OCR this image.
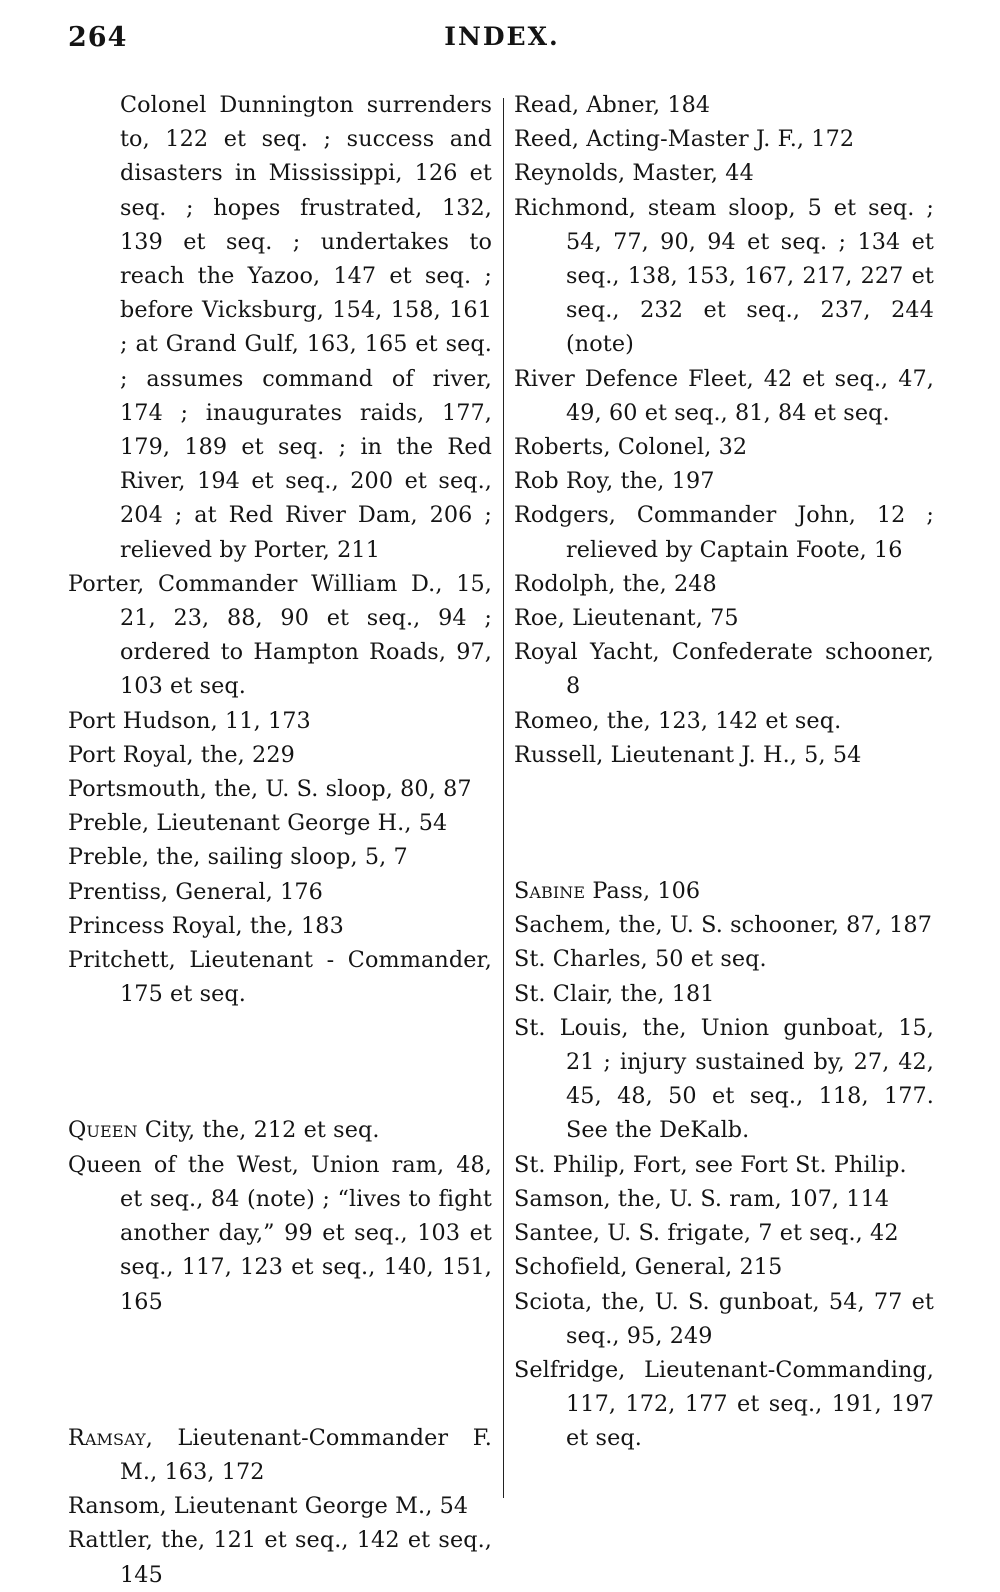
264	INDEX.
Colonel Dunnington surrenders to, 122 et seq. ; success and disasters in Mississippi, 126 et seq. ; hopes frustrated, 132, 139 et seq. ; undertakes to reach the Yazoo, 147 et seq. ; before Vicksburg, 154, 158, 161 ; at Grand Gulf, 163, 165 et seq. ; assumes command of river, 174 ; inaugurates raids, 177, 179, 189 et seq. ; in the Red River, 194 et seq., 200 et seq., 204 ; at Red River Dam, 206 ; relieved by Porter, 211
Porter, Commander William D., 15, 21, 23, 88, 90 et seq., 94 ; ordered to Hampton Roads, 97, 103 et seq.
Port Hudson, 11, 173
Port Royal, the, 229
Portsmouth, the, U. S. sloop, 80, 87
Preble, Lieutenant George H., 54
Preble, the, sailing sloop, 5, 7
Prentiss, General, 176
Princess Royal, the, 183
Pritchett, Lieutenant - Commander, 175 et seq.
Queen City, the, 212 et seq.
Queen of the West, Union ram, 48, et seq., 84 (note) ; “lives to fight another day,” 99 et seq., 103 et seq., 117, 123 et seq., 140, 151, 165
Ramsay, Lieutenant-Commander F. M., 163, 172
Ransom, Lieutenant George M., 54
Rattler, the, 121 et seq., 142 et seq., 145
Read, Abner, 184
Reed, Acting-Master J. F., 172
Reynolds, Master, 44
Richmond, steam sloop, 5 et seq. ; 54, 77, 90, 94 et seq. ; 134 et seq., 138, 153, 167, 217, 227 et seq., 232 et seq., 237, 244 (note)
River Defence Fleet, 42 et seq., 47, 49, 60 et seq., 81, 84 et seq.
Roberts, Colonel, 32
Rob Roy, the, 197
Rodgers, Commander John, 12 ; relieved by Captain Foote, 16
Rodolph, the, 248
Roe, Lieutenant, 75
Royal Yacht, Confederate schooner, 8
Romeo, the, 123, 142 et seq.
Russell, Lieutenant J. H., 5, 54
Sabine Pass, 106
Sachem, the, U. S. schooner, 87, 187
St. Charles, 50 et seq.
St. Clair, the, 181
St. Louis, the, Union gunboat, 15, 21 ; injury sustained by, 27, 42, 45, 48, 50 et seq., 118, 177. See the DeKalb.
St. Philip, Fort, see Fort St. Philip.
Samson, the, U. S. ram, 107, 114
Santee, U. S. frigate, 7 et seq., 42
Schofield, General, 215
Sciota, the, U. S. gunboat, 54, 77 et seq., 95, 249
Selfridge, Lieutenant-Commanding, 117, 172, 177 et seq., 191, 197 et seq.
